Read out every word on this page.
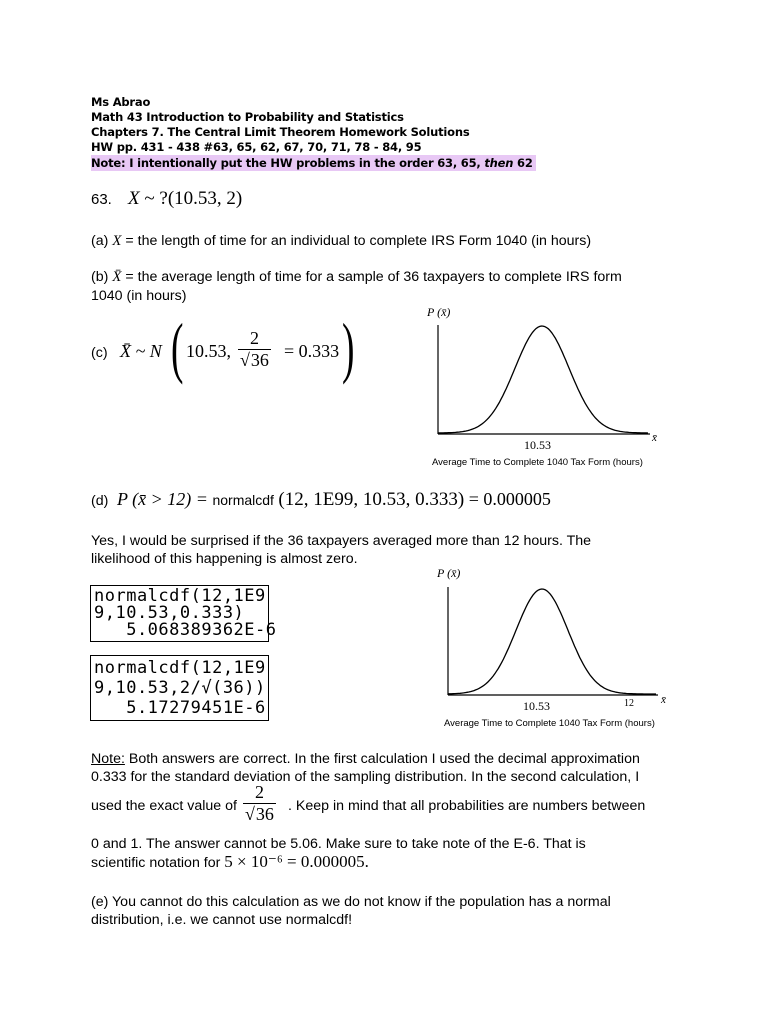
Ms Abrao
Math 43 Introduction to Probability and Statistics
Chapters 7. The Central Limit Theorem Homework Solutions
HW pp. 431 - 438 #63, 65, 62, 67, 70, 71, 78 - 84, 95
Note: I intentionally put the HW problems in the order 63, 65, then 62
63. X ~ ?(10.53, 2)
(a) X = the length of time for an individual to complete IRS Form 1040 (in hours)
(b) X̄ = the average length of time for a sample of 36 taxpayers to complete IRS form
1040 (in hours)
(c) X̄ ~ N ( 10.53, $\frac{2}{√36} = 0.333$ )	P (x̄)
x̄
10.53
Average Time to Complete 1040 Tax Form (hours)
(d) P (x̄ > 12) = normalcdf (12, 1E99, 10.53, 0.333) = 0.000005
Yes, I would be surprised if the 36 taxpayers averaged more than 12 hours. The
likelihood of this happening is almost zero.
normalcdf(12,1E9
9,10.53,0.333)
5.068389362E-6
normalcdf(12,1E9
9,10.53,2/√(36))
5.17279451E-6
P (x̄)
x̄
10.53	12
Average Time to Complete 1040 Tax Form (hours)
Note: Both answers are correct. In the first calculation I used the decimal approximation
0.333 for the standard deviation of the sampling distribution. In the second calculation, I
used the exact value of $\frac{2}{√36}$ . Keep in mind that all probabilities are numbers between
0 and 1. The answer cannot be 5.06. Make sure to take note of the E-6. That is
scientific notation for 5 × 10⁻⁶ = 0.000005.
(e) You cannot do this calculation as we do not know if the population has a normal
distribution, i.e. we cannot use normalcdf!
